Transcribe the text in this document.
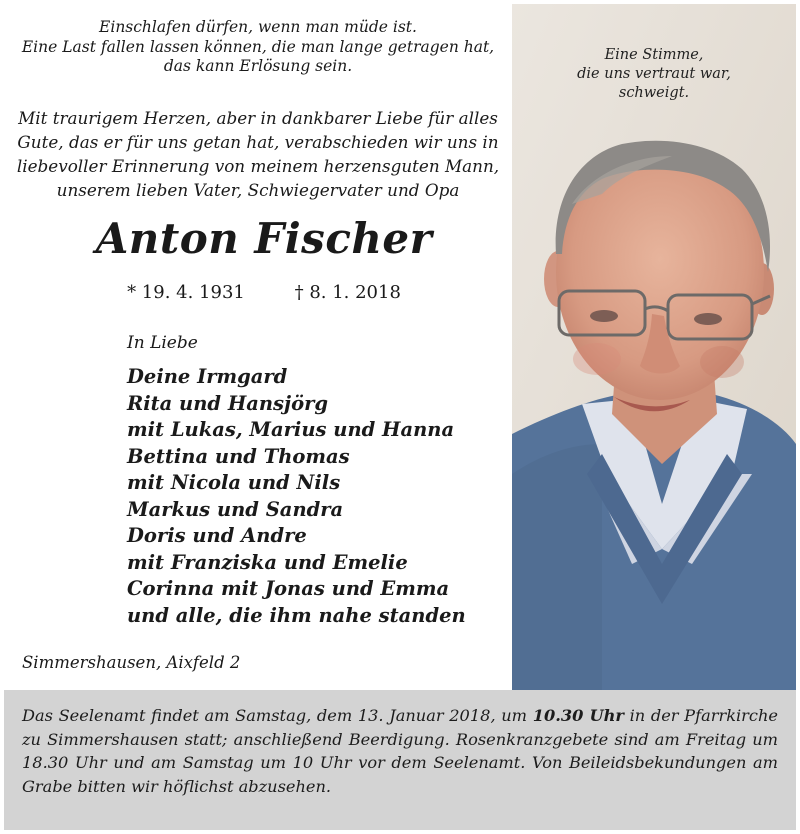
Einschlafen dürfen, wenn man müde ist.
Eine Last fallen lassen können, die man lange getragen hat,
das kann Erlösung sein.
Mit traurigem Herzen, aber in dankbarer Liebe für alles
Gute, das er für uns getan hat, verabschieden wir uns in
liebevoller Erinnerung von meinem herzensguten Mann,
unserem lieben Vater, Schwiegervater und Opa
Anton Fischer
* 19. 4. 1931	† 8. 1. 2018
In Liebe
Deine Irmgard
Rita und Hansjörg
mit Lukas, Marius und Hanna
Bettina und Thomas
mit Nicola und Nils
Markus und Sandra
Doris und Andre
mit Franziska und Emelie
Corinna mit Jonas und Emma
und alle, die ihm nahe standen
Simmershausen, Aixfeld 2
Eine Stimme,
die uns vertraut war,
schweigt.

Das Seelenamt findet am Samstag, dem 13. Januar 2018, um 10.30 Uhr in der Pfarrkirche zu Simmershausen statt; anschließend Beerdigung. Rosenkranzgebete sind am Freitag um 18.30 Uhr und am Samstag um 10 Uhr vor dem Seelenamt. Von Beileidsbekundungen am Grabe bitten wir höflichst abzusehen.
